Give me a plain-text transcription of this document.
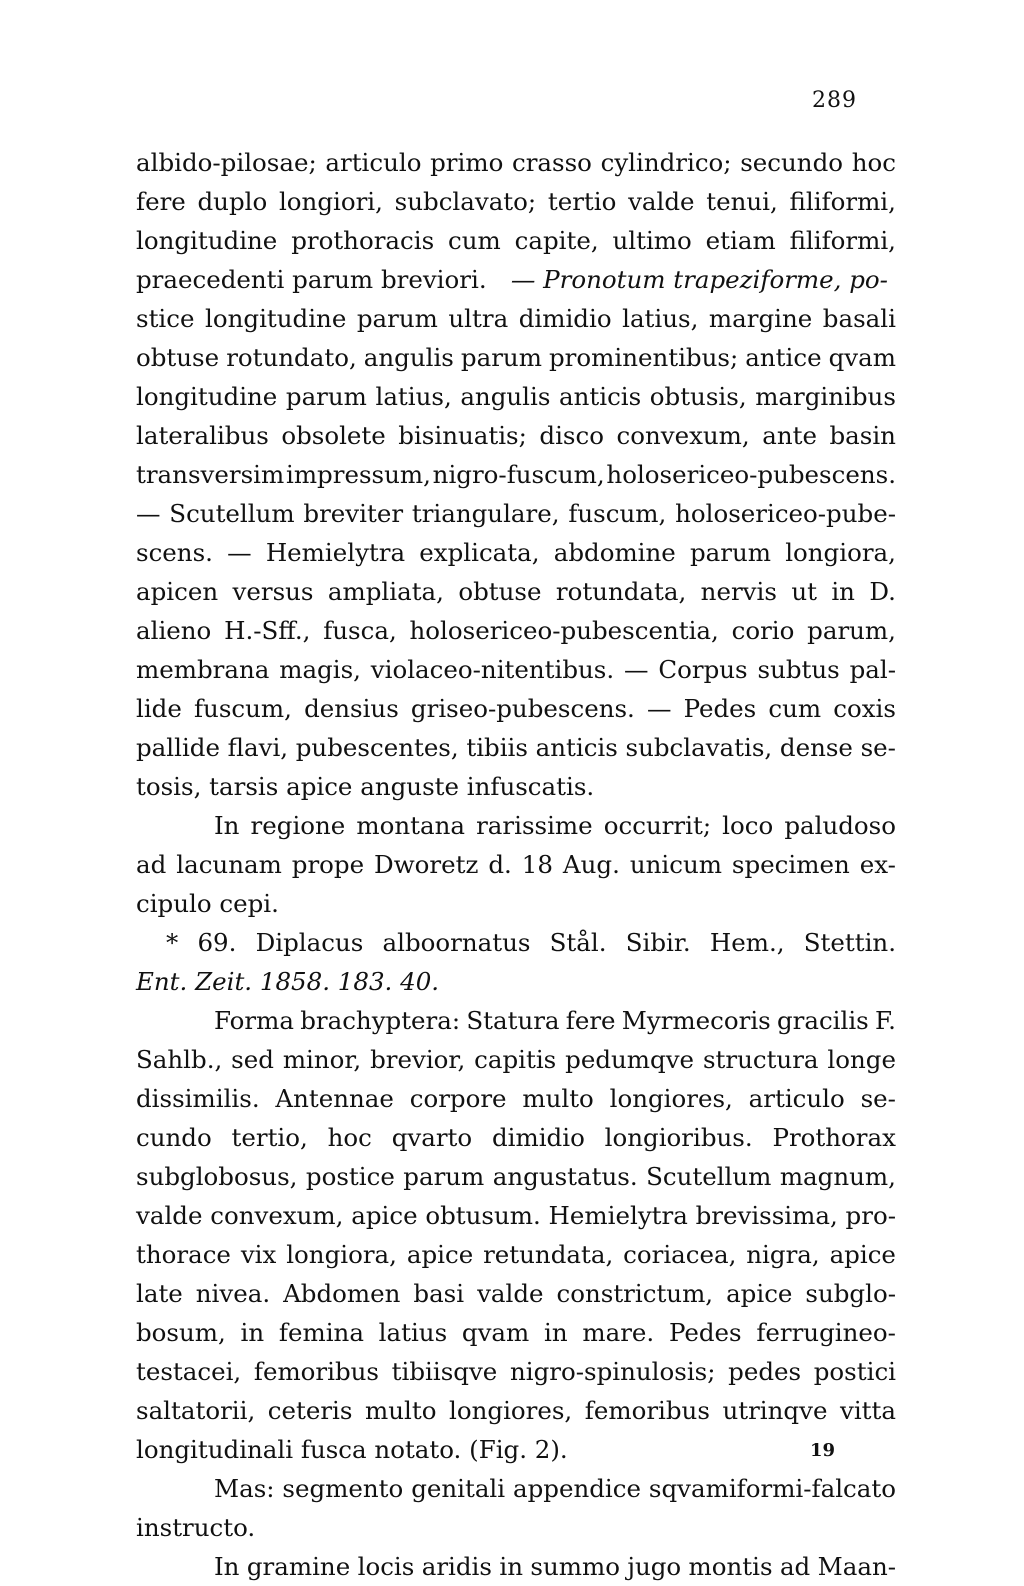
289
albido-pilosae; articulo primo crasso cylindrico; secundo hoc
fere duplo longiori, subclavato; tertio valde tenui, filiformi,
longitudine prothoracis cum capite, ultimo etiam filiformi,
praecedenti parum breviori. — Pronotum trapeziforme, po-
stice longitudine parum ultra dimidio latius, margine basali
obtuse rotundato, angulis parum prominentibus; antice qvam
longitudine parum latius, angulis anticis obtusis, marginibus
lateralibus obsolete bisinuatis; disco convexum, ante basin
transversim impressum, nigro-fuscum, holosericeo-pubescens.
— Scutellum breviter triangulare, fuscum, holosericeo-pube-
scens. — Hemielytra explicata, abdomine parum longiora,
apicen versus ampliata, obtuse rotundata, nervis ut in D.
alieno H.-Sff., fusca, holosericeo-pubescentia, corio parum,
membrana magis, violaceo-nitentibus. — Corpus subtus pal-
lide fuscum, densius griseo-pubescens. — Pedes cum coxis
pallide flavi, pubescentes, tibiis anticis subclavatis, dense se-
tosis, tarsis apice anguste infuscatis.
In regione montana rarissime occurrit; loco paludoso
ad lacunam prope Dworetz d. 18 Aug. unicum specimen ex-
cipulo cepi.
* 69. Diplacus alboornatus Stål. Sibir. Hem., Stettin.
Ent. Zeit. 1858. 183. 40.
Forma brachyptera: Statura fere Myrmecoris gracilis F.
Sahlb., sed minor, brevior, capitis pedumqve structura longe
dissimilis. Antennae corpore multo longiores, articulo se-
cundo tertio, hoc qvarto dimidio longioribus. Prothorax
subglobosus, postice parum angustatus. Scutellum magnum,
valde convexum, apice obtusum. Hemielytra brevissima, pro-
thorace vix longiora, apice retundata, coriacea, nigra, apice
late nivea. Abdomen basi valde constrictum, apice subglo-
bosum, in femina latius qvam in mare. Pedes ferrugineo-
testacei, femoribus tibiisqve nigro-spinulosis; pedes postici
saltatorii, ceteris multo longiores, femoribus utrinqve vitta
longitudinali fusca notato. (Fig. 2).
Mas: segmento genitali appendice sqvamiformi-falcato
instructo.
In gramine locis aridis in summo jugo montis ad Maan-
19
